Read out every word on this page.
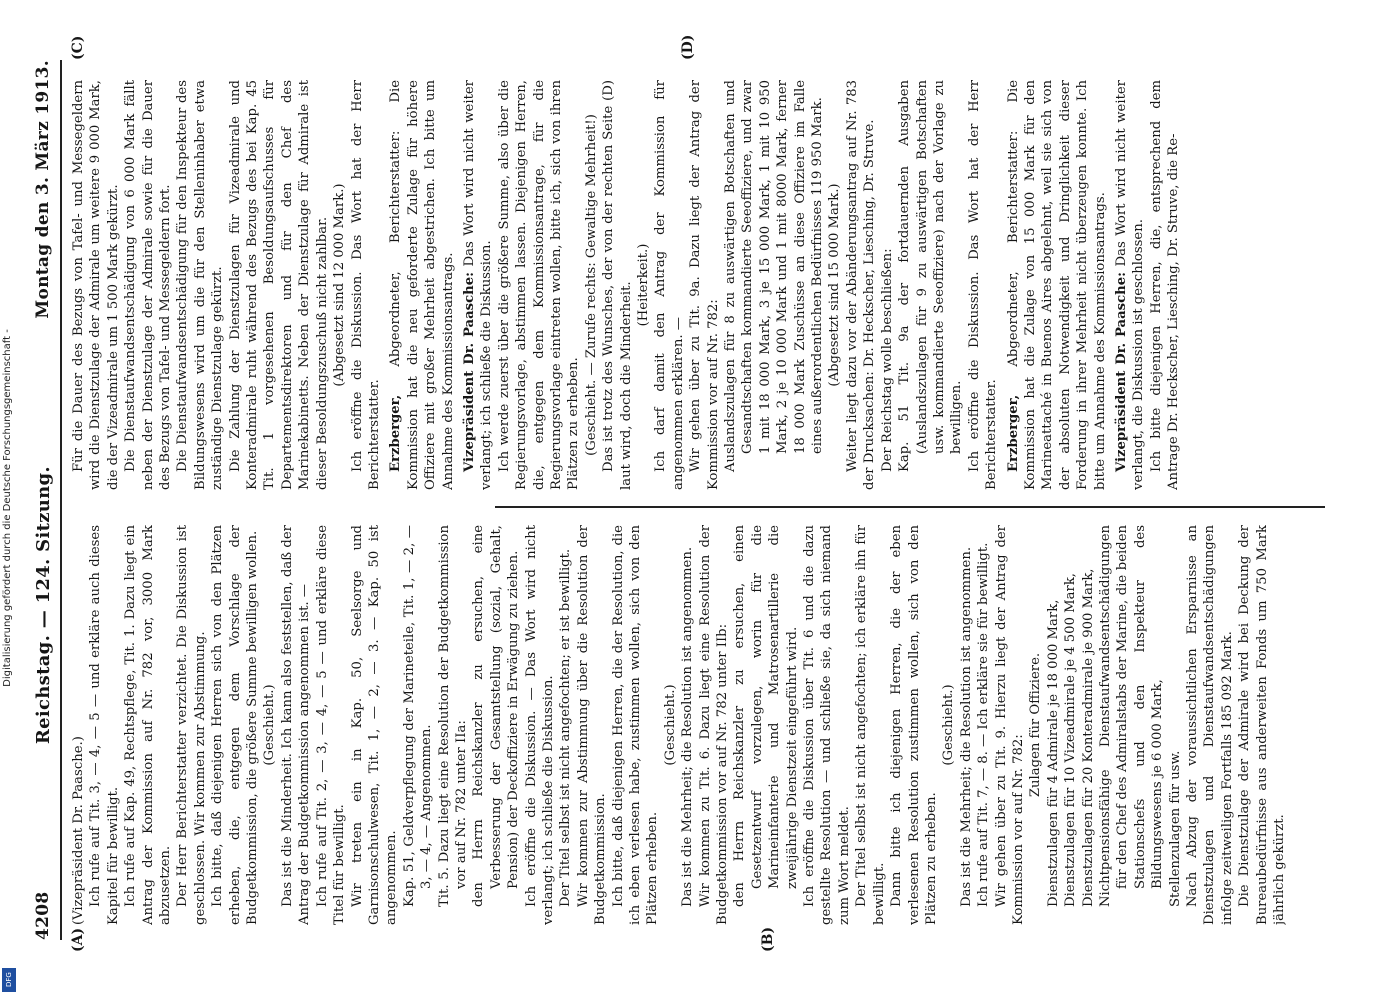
4208
Reichstag. — 124. Sitzung.
Montag den 3. März 1913.
(A)	(B)
(C)	(D)

(Vizepräsident Dr. Paasche.) Ich rufe auf Tit. 3, — 4, — 5 — und erkläre auch dieses Kapitel für bewilligt. Ich rufe auf Kap. 49, Rechtspflege, Tit. 1. Dazu liegt ein Antrag der Kommission auf Nr. 782 vor, 3000 Mark abzusetzen. Der Herr Berichterstatter verzichtet. Die Diskussion ist geschlossen. Wir kommen zur Abstimmung. Ich bitte, daß diejenigen Herren sich von den Plätzen erheben, die, entgegen dem Vorschlage der Budgetkommission, die größere Summe bewilligen wollen. (Geschieht.) Das ist die Minderheit. Ich kann also feststellen, daß der Antrag der Budgetkommission angenommen ist. — Ich rufe auf Tit. 2, — 3, — 4, — 5 — und erkläre diese Titel für bewilligt. Wir treten ein in Kap. 50, Seelsorge und Garnisonschulwesen, Tit. 1, — 2, — 3. — Kap. 50 ist angenommen. Kap. 51, Geldverpflegung der Marineteile, Tit. 1, — 2, — 3, — 4, — Angenommen. Tit. 5. Dazu liegt eine Resolution der Budgetkommission vor auf Nr. 782 unter IIa: den Herrn Reichskanzler zu ersuchen, eine Verbesserung der Gesamtstellung (sozial, Gehalt, Pension) der Deckoffiziere in Erwägung zu ziehen. Ich eröffne die Diskussion. — Das Wort wird nicht verlangt; ich schließe die Diskussion. Der Titel selbst ist nicht angefochten; er ist bewilligt. Wir kommen zur Abstimmung über die Resolution der Budgetkommission. Ich bitte, daß diejenigen Herren, die der Resolution, die ich eben verlesen habe, zustimmen wollen, sich von den Plätzen erheben.

(Geschieht.) Das ist die Mehrheit; die Resolution ist angenommen. Wir kommen zu Tit. 6. Dazu liegt eine Resolution der Budgetkommission vor auf Nr. 782 unter IIb: den Herrn Reichskanzler zu ersuchen, einen Gesetzentwurf vorzulegen, worin für die Marineinfanterie und Matrosenartillerie die zweijährige Dienstzeit eingeführt wird. Ich eröffne die Diskussion über Tit. 6 und die dazu gestellte Resolution — und schließe sie, da sich niemand zum Wort meldet. Der Titel selbst ist nicht angefochten; ich erkläre ihn für bewilligt. Dann bitte ich diejenigen Herren, die der eben verlesenen Resolution zustimmen wollen, sich von den Plätzen zu erheben.

(Geschieht.) Das ist die Mehrheit; die Resolution ist angenommen. Ich rufe auf Tit. 7, — 8. — Ich erkläre sie für bewilligt. Wir gehen über zu Tit. 9. Hierzu liegt der Antrag der Kommission vor auf Nr. 782:

Zulagen für Offiziere. Dienstzulagen für 4 Admirale je 18 000 Mark, Dienstzulagen für 10 Vizeadmirale je 4 500 Mark, Dienstzulagen für 20 Konteradmirale je 900 Mark, Nichtpensionsfähige Dienstaufwandsentschädigungen für den Chef des Admiralstabs der Marine, die beiden Stationschefs und den Inspekteur des Bildungswesens je 6 000 Mark, Stellenzulagen für usw. Nach Abzug der voraussichtlichen Ersparnisse an Dienstzulagen und Dienstaufwandsentschädigungen infolge zeitweiligen Fortfalls 185 092 Mark. Die Dienstzulage der Admirale wird bei Deckung der Bureaubedürfnisse aus anderweiten Fonds um 750 Mark jährlich gekürzt.

Für die Dauer des Bezugs von Tafel- und Messegeldern wird die Dienstzulage der Admirale um weitere 9 000 Mark, die der Vizeadmirale um 1 500 Mark gekürzt. Die Dienstaufwandsentschädigung von 6 000 Mark fällt neben der Dienstzulage der Admirale sowie für die Dauer des Bezugs von Tafel- und Messegeldern fort. Die Dienstaufwandsentschädigung für den Inspekteur des Bildungswesens wird um die für den Stelleninhaber etwa zuständige Dienstzulage gekürzt. Die Zahlung der Dienstzulagen für Vizeadmirale und Konteradmirale ruht während des Bezugs des bei Kap. 45 Tit. 1 vorgesehenen Besoldungsaufschusses für Departementsdirektoren und für den Chef des Marinekabinetts. Neben der Dienstzulage für Admirale ist dieser Besoldungszuschuß nicht zahlbar. (Abgesetzt sind 12 000 Mark.) Ich eröffne die Diskussion. Das Wort hat der Herr Berichterstatter. Erzberger, Abgeordneter, Berichterstatter: Die Kommission hat die neu geforderte Zulage für höhere Offiziere mit großer Mehrheit abgestrichen. Ich bitte um Annahme des Kommissionsantrags. Vizepräsident Dr. Paasche: Das Wort wird nicht weiter verlangt; ich schließe die Diskussion. Ich werde zuerst über die größere Summe, also über die Regierungsvorlage, abstimmen lassen. Diejenigen Herren, die, entgegen dem Kommissionsantrage, für die Regierungsvorlage eintreten wollen, bitte ich, sich von ihren Plätzen zu erheben. (Geschieht. — Zurufe rechts: Gewaltige Mehrheit!) Das ist trotz des Wunsches, der von der rechten Seite (D) laut wird, doch die Minderheit. (Heiterkeit.) Ich darf damit den Antrag der Kommission für angenommen erklären. — Wir gehen über zu Tit. 9a. Dazu liegt der Antrag der Kommission vor auf Nr. 782: Auslandszulagen für 8 zu auswärtigen Botschaften und Gesandtschaften kommandierte Seeoffiziere, und zwar 1 mit 18 000 Mark, 3 je 15 000 Mark, 1 mit 10 950 Mark, 2 je 10 000 Mark und 1 mit 8000 Mark, ferner 18 000 Mark Zuschüsse an diese Offiziere im Falle eines außerordentlichen Bedürfnisses 119 950 Mark. (Abgesetzt sind 15 000 Mark.) Weiter liegt dazu vor der Abänderungsantrag auf Nr. 783 der Drucksachen: Dr. Heckscher, Liesching, Dr. Struve. Der Reichstag wolle beschließen: Kap. 51 Tit. 9a der fortdauernden Ausgaben (Auslandszulagen für 9 zu auswärtigen Botschaften usw. kommandierte Seeoffiziere) nach der Vorlage zu bewilligen. Ich eröffne die Diskussion. Das Wort hat der Herr Berichterstatter. Erzberger, Abgeordneter, Berichterstatter: Die Kommission hat die Zulage von 15 000 Mark für den Marineattaché in Buenos Aires abgelehnt, weil sie sich von der absoluten Notwendigkeit und Dringlichkeit dieser Forderung in ihrer Mehrheit nicht überzeugen konnte. Ich bitte um Annahme des Kommissionsantrags. Vizepräsident Dr. Paasche: Das Wort wird nicht weiter verlangt, die Diskussion ist geschlossen. Ich bitte diejenigen Herren, die, entsprechend dem Antrage Dr. Heckscher, Liesching, Dr. Struve, die Re-

Digitalisierung gefördert durch die Deutsche Forschungsgemeinschaft -
DFG
